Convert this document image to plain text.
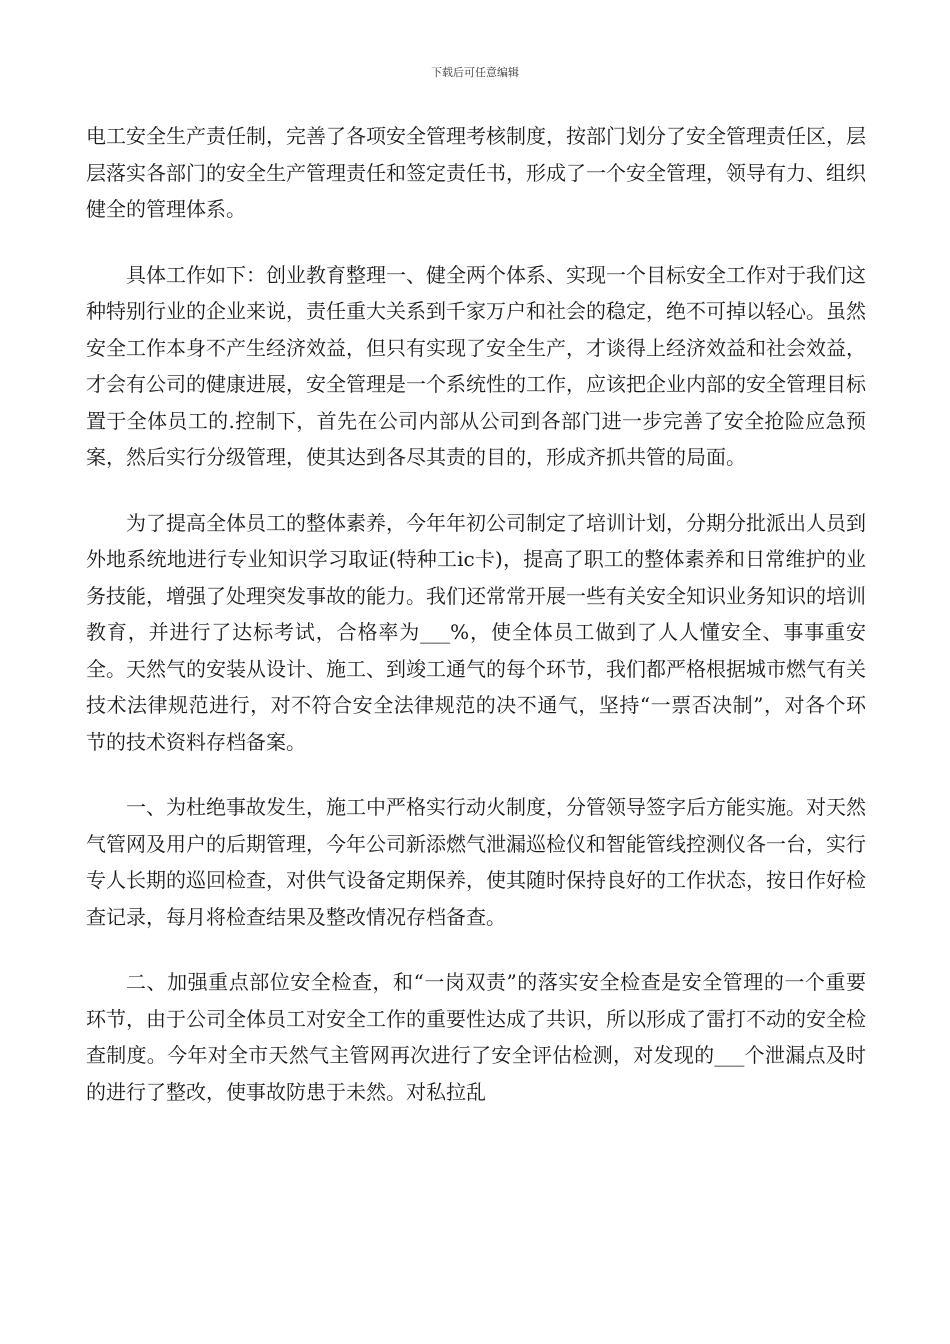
下载后可任意编辑

电工安全生产责任制，完善了各项安全管理考核制度，按部门划分了安全管理责任区，层层落实各部门的安全生产管理责任和签定责任书，形成了一个安全管理，领导有力、组织健全的管理体系。

具体工作如下：创业教育整理一、健全两个体系、实现一个目标安全工作对于我们这种特别行业的企业来说，责任重大关系到千家万户和社会的稳定，绝不可掉以轻心。虽然安全工作本身不产生经济效益，但只有实现了安全生产，才谈得上经济效益和社会效益，才会有公司的健康进展，安全管理是一个系统性的工作，应该把企业内部的安全管理目标置于全体员工的.控制下，首先在公司内部从公司到各部门进一步完善了安全抢险应急预案，然后实行分级管理，使其达到各尽其责的目的，形成齐抓共管的局面。

为了提高全体员工的整体素养，今年年初公司制定了培训计划，分期分批派出人员到外地系统地进行专业知识学习取证(特种工ic卡)，提高了职工的整体素养和日常维护的业务技能，增强了处理突发事故的能力。我们还常常开展一些有关安全知识业务知识的培训教育，并进行了达标考试，合格率为___%，使全体员工做到了人人懂安全、事事重安全。天然气的安装从设计、施工、到竣工通气的每个环节，我们都严格根据城市燃气有关技术法律规范进行，对不符合安全法律规范的决不通气，坚持“一票否决制”，对各个环节的技术资料存档备案。

一、为杜绝事故发生，施工中严格实行动火制度，分管领导签字后方能实施。对天然气管网及用户的后期管理，今年公司新添燃气泄漏巡检仪和智能管线控测仪各一台，实行专人长期的巡回检查，对供气设备定期保养，使其随时保持良好的工作状态，按日作好检查记录，每月将检查结果及整改情况存档备查。

二、加强重点部位安全检查，和“一岗双责”的落实安全检查是安全管理的一个重要环节，由于公司全体员工对安全工作的重要性达成了共识，所以形成了雷打不动的安全检查制度。今年对全市天然气主管网再次进行了安全评估检测，对发现的___个泄漏点及时的进行了整改，使事故防患于未然。对私拉乱
